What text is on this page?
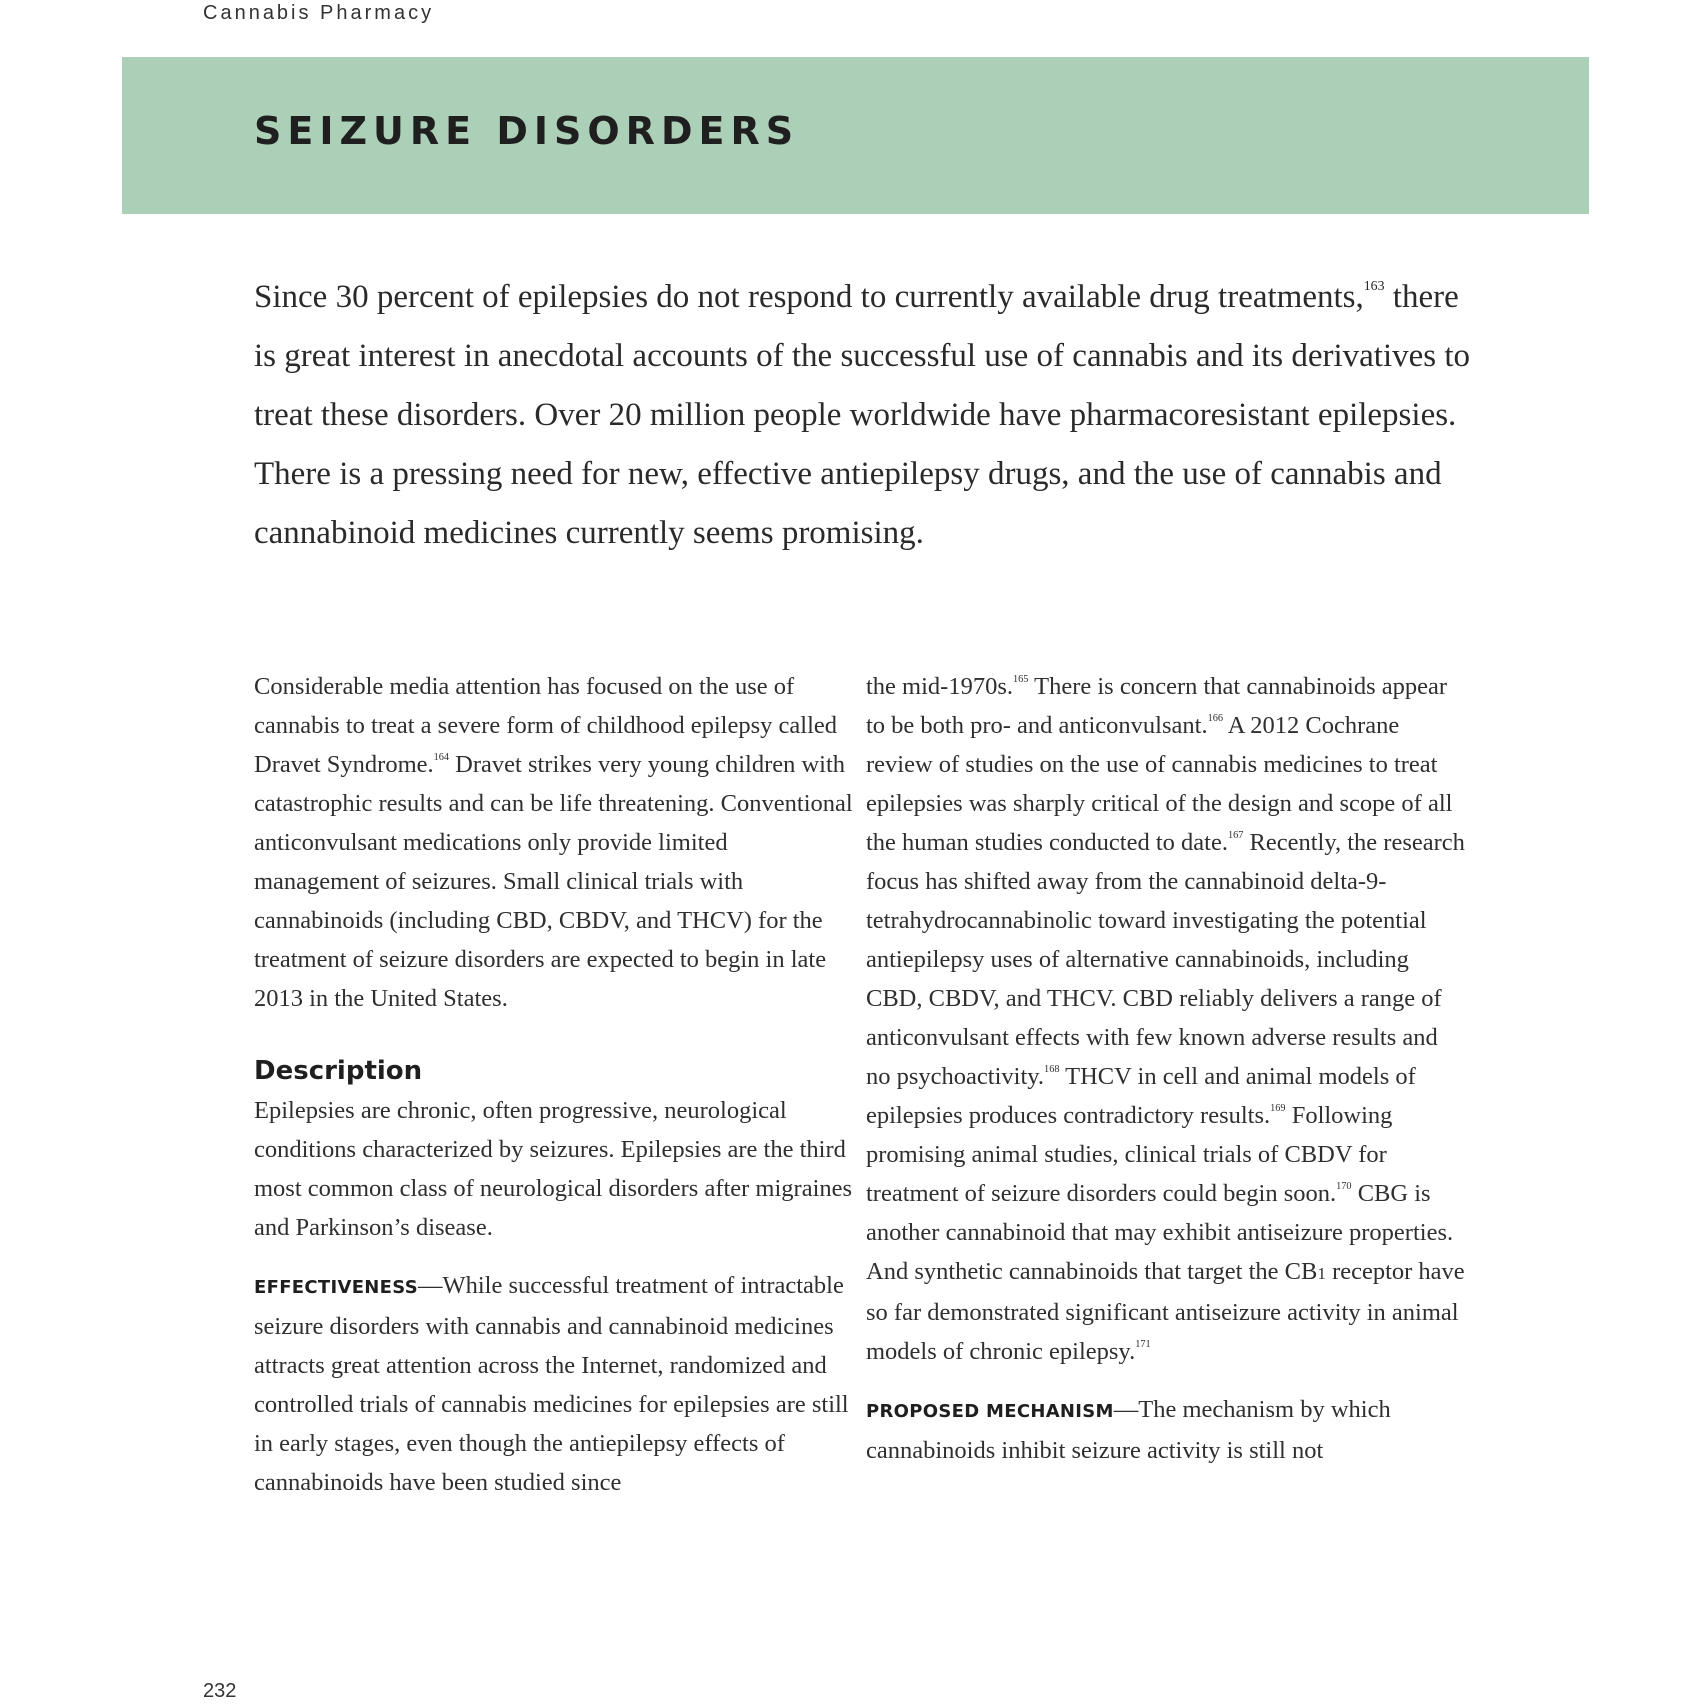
Cannabis Pharmacy
SEIZURE DISORDERS

Since 30 percent of epilepsies do not respond to currently available drug treatments,$^{163}$ there is great interest in anecdotal accounts of the successful use of cannabis and its derivatives to treat these disorders. Over 20 million people worldwide have pharmacoresistant epilepsies. There is a pressing need for new, effective antiepilepsy drugs, and the use of cannabis and cannabinoid medicines currently seems promising.

Considerable media attention has focused on the use of cannabis to treat a severe form of childhood epilepsy called Dravet Syndrome.$^{164}$ Dravet strikes very young children with catastrophic results and can be life threatening. Conventional anticonvulsant medications only provide limited management of seizures. Small clinical trials with cannabinoids (including CBD, CBDV, and THCV) for the treatment of seizure disorders are expected to begin in late 2013 in the United States.

Description

Epilepsies are chronic, often progressive, neurological conditions characterized by seizures. Epilepsies are the third most common class of neurological disorders after migraines and Parkinson’s disease.

EFFECTIVENESS—While successful treatment of intractable seizure disorders with cannabis and cannabinoid medicines attracts great attention across the Internet, randomized and controlled trials of cannabis medicines for epilepsies are still in early stages, even though the antiepilepsy effects of cannabinoids have been studied since

the mid-1970s.$^{165}$ There is concern that cannabinoids appear to be both pro- and anticonvulsant.$^{166}$ A 2012 Cochrane review of studies on the use of cannabis medicines to treat epilepsies was sharply critical of the design and scope of all the human studies conducted to date.$^{167}$ Recently, the research focus has shifted away from the cannabinoid delta-9-tetrahydrocannabinolic toward investigating the potential antiepilepsy uses of alternative cannabinoids, including CBD, CBDV, and THCV. CBD reliably delivers a range of anticonvulsant effects with few known adverse results and no psychoactivity.$^{168}$ THCV in cell and animal models of epilepsies produces contradictory results.$^{169}$ Following promising animal studies, clinical trials of CBDV for treatment of seizure disorders could begin soon.$^{170}$ CBG is another cannabinoid that may exhibit antiseizure properties. And synthetic cannabinoids that target the CB1 receptor have so far demonstrated significant antiseizure activity in animal models of chronic epilepsy.$^{171}$

PROPOSED MECHANISM—The mechanism by which cannabinoids inhibit seizure activity is still not

232
